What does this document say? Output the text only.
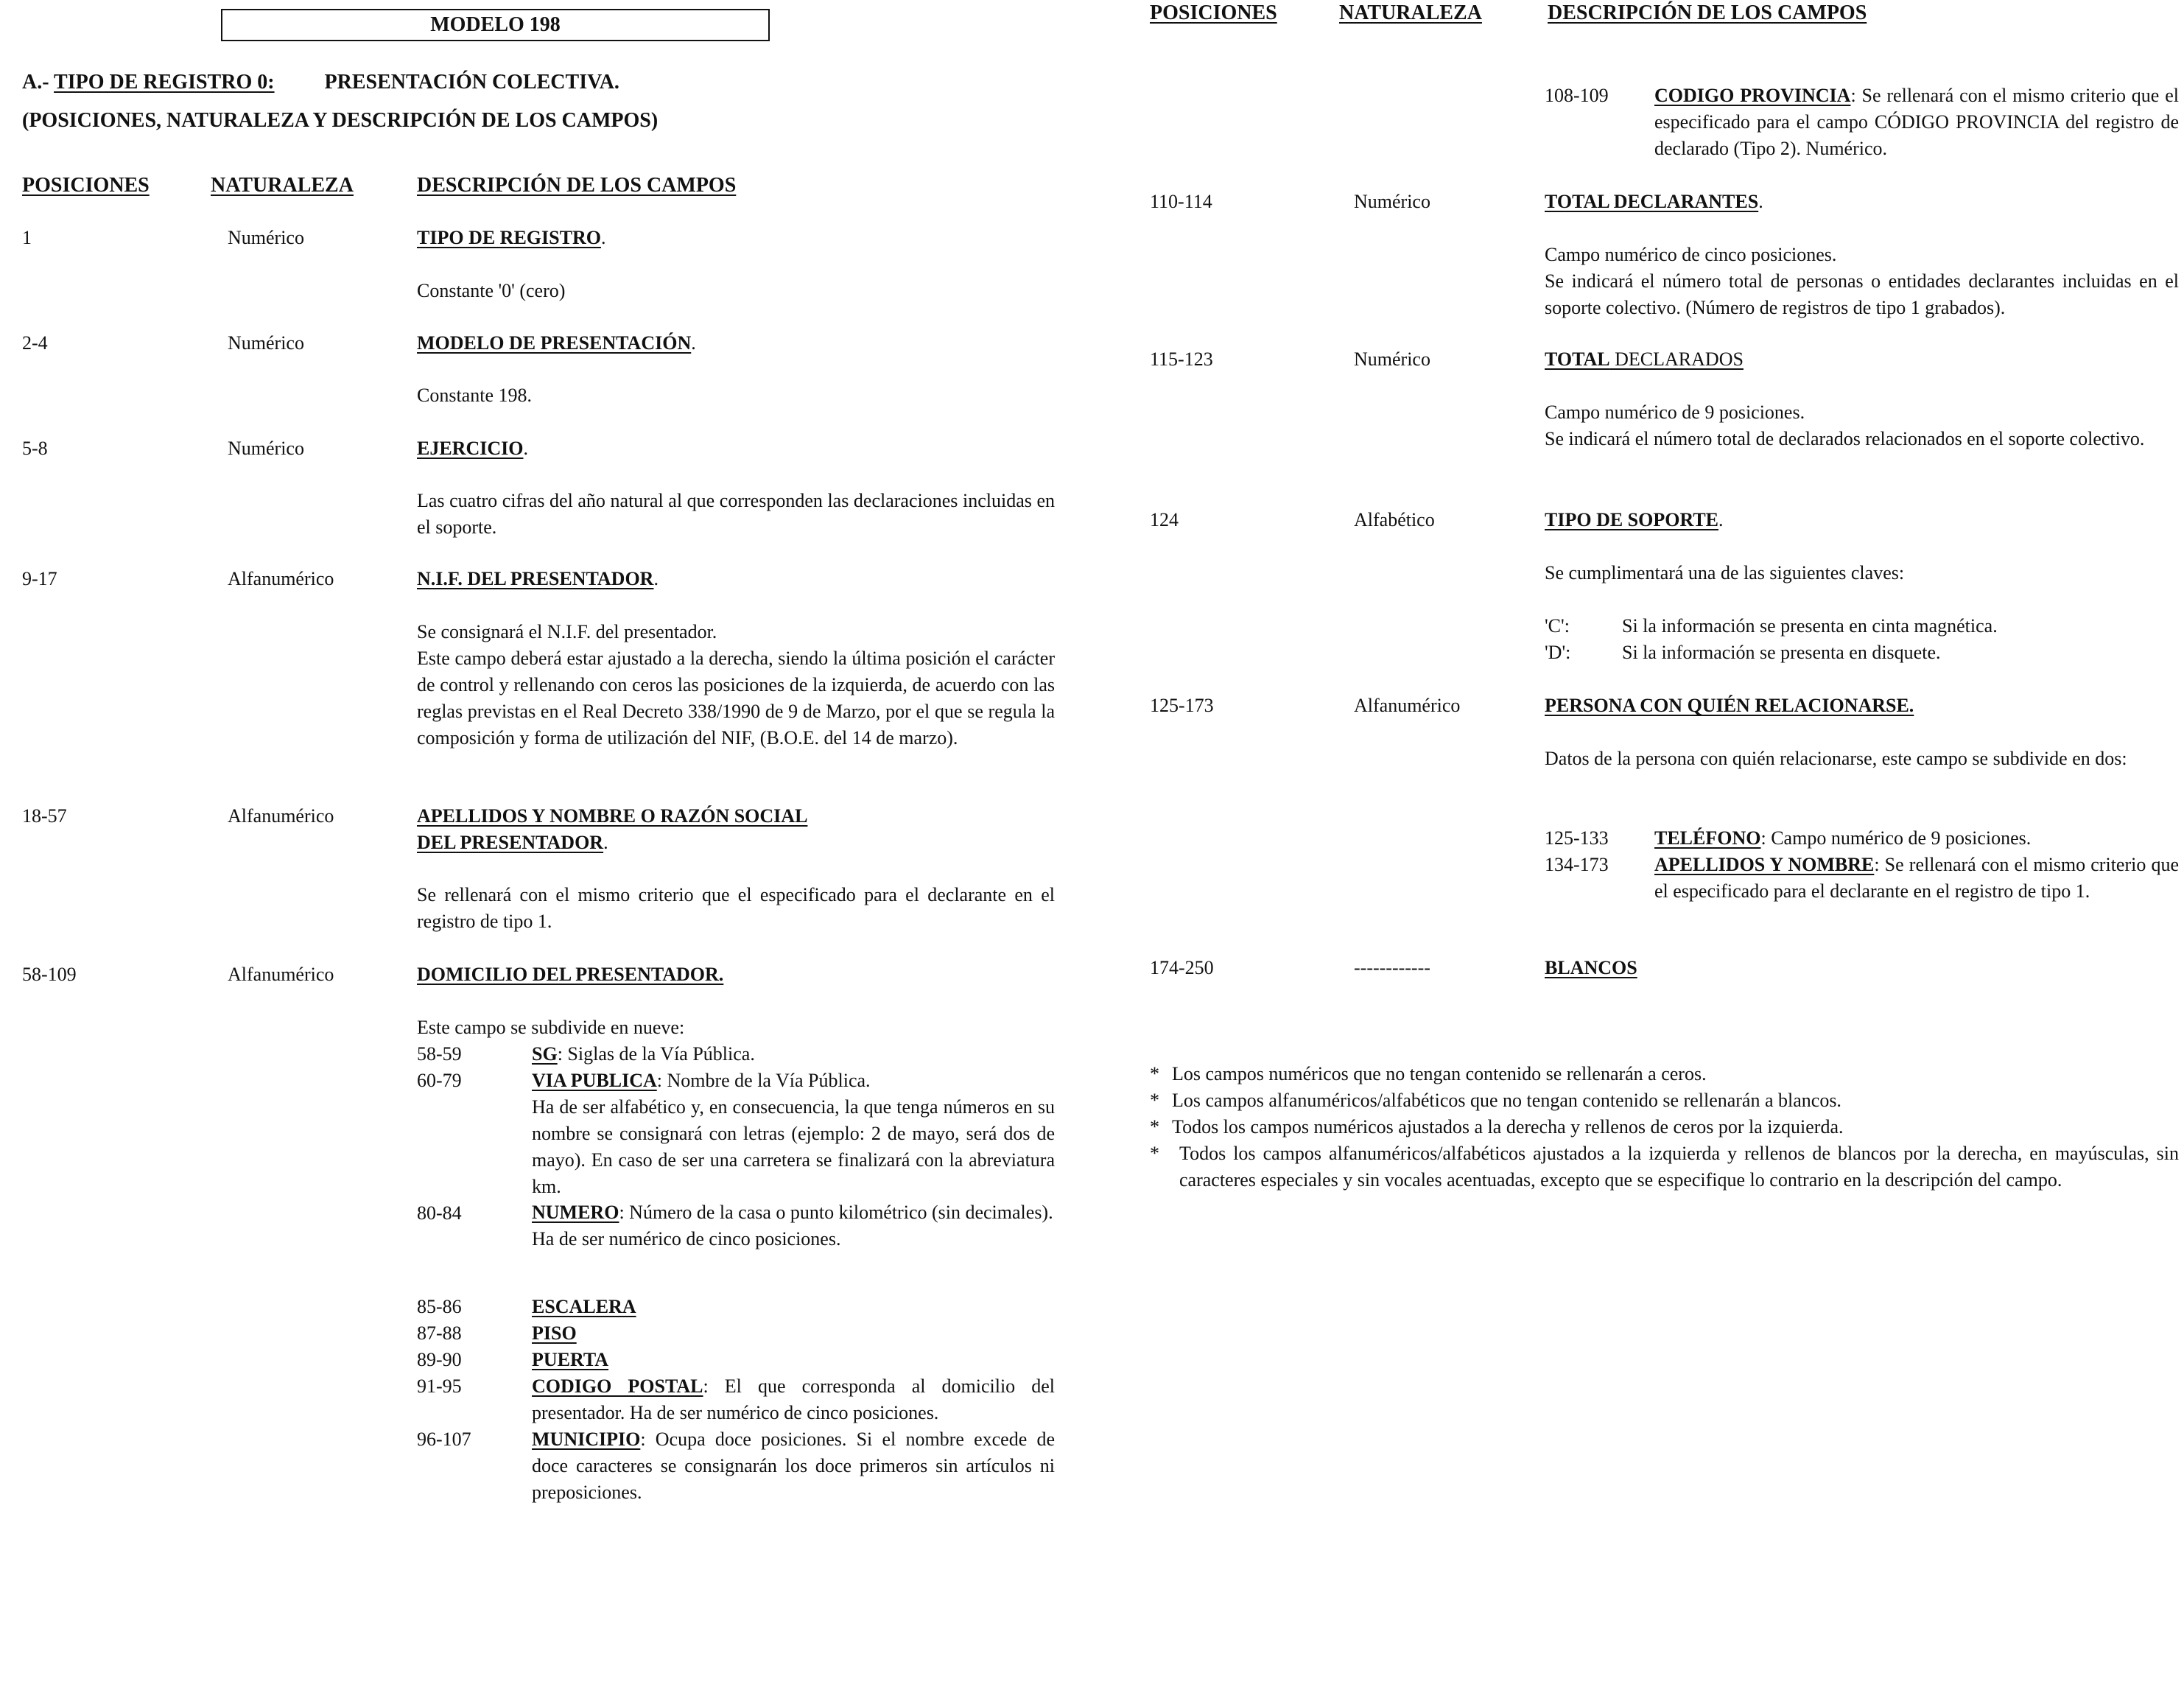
MODELO 198
A.- TIPO DE REGISTRO 0: PRESENTACIÓN COLECTIVA.
(POSICIONES, NATURALEZA Y DESCRIPCIÓN DE LOS CAMPOS)
POSICIONES	NATURALEZA	DESCRIPCIÓN DE LOS CAMPOS
1	Numérico	TIPO DE REGISTRO.
Constante '0' (cero)
2-4	Numérico	MODELO DE PRESENTACIÓN.
Constante 198.
5-8	Numérico	EJERCICIO.
Las cuatro cifras del año natural al que corresponden las declaraciones incluidas en el soporte.
9-17	Alfanumérico	N.I.F. DEL PRESENTADOR.
Se consignará el N.I.F. del presentador.
Este campo deberá estar ajustado a la derecha, siendo la última posición el carácter de control y rellenando con ceros las posiciones de la izquierda, de acuerdo con las reglas previstas en el Real Decreto 338/1990 de 9 de Marzo, por el que se regula la composición y forma de utilización del NIF, (B.O.E. del 14 de marzo).
18-57	Alfanumérico	APELLIDOS Y NOMBRE O RAZÓN SOCIAL
DEL PRESENTADOR.
Se rellenará con el mismo criterio que el especificado para el declarante en el registro de tipo 1.
58-109	Alfanumérico	DOMICILIO DEL PRESENTADOR.
Este campo se subdivide en nueve:
58-59	SG: Siglas de la Vía Pública.
60-79	VIA PUBLICA: Nombre de la Vía Pública.
Ha de ser alfabético y, en consecuencia, la que tenga números en su nombre se consignará con letras (ejemplo: 2 de mayo, será dos de mayo). En caso de ser una carretera se finalizará con la abreviatura km.
80-84	NUMERO: Número de la casa o punto kilométrico (sin decimales).
Ha de ser numérico de cinco posiciones.
85-86	ESCALERA
87-88	PISO
89-90	PUERTA
91-95	CODIGO POSTAL: El que corresponda al domicilio del presentador. Ha de ser numérico de cinco posiciones.
96-107	MUNICIPIO: Ocupa doce posiciones. Si el nombre excede de doce caracteres se consignarán los doce primeros sin artículos ni preposiciones.
POSICIONES	NATURALEZA	DESCRIPCIÓN DE LOS CAMPOS
108-109 CODIGO PROVINCIA: Se rellenará con el mismo criterio que el especificado para el campo CÓDIGO PROVINCIA del registro de declarado (Tipo 2). Numérico.
110-114	Numérico	TOTAL DECLARANTES.
Campo numérico de cinco posiciones.
Se indicará el número total de personas o entidades declarantes incluidas en el soporte colectivo. (Número de registros de tipo 1 grabados).
115-123	Numérico	TOTAL DECLARADOS
Campo numérico de 9 posiciones.
Se indicará el número total de declarados relacionados en el soporte colectivo.
124	Alfabético	TIPO DE SOPORTE.
Se cumplimentará una de las siguientes claves:
'C':	Si la información se presenta en cinta magnética.
'D':	Si la información se presenta en disquete.
125-173	Alfanumérico	PERSONA CON QUIÉN RELACIONARSE.
Datos de la persona con quién relacionarse, este campo se subdivide en dos:
125-133 TELÉFONO: Campo numérico de 9 posiciones.
134-173 APELLIDOS Y NOMBRE: Se rellenará con el mismo criterio que el especificado para el declarante en el registro de tipo 1.
174-250	------------	BLANCOS
* Los campos numéricos que no tengan contenido se rellenarán a ceros.
* Los campos alfanuméricos/alfabéticos que no tengan contenido se rellenarán a blancos.
* Todos los campos numéricos ajustados a la derecha y rellenos de ceros por la izquierda.
* Todos los campos alfanuméricos/alfabéticos ajustados a la izquierda y rellenos de blancos por la derecha, en mayúsculas, sin caracteres especiales y sin vocales acentuadas, excepto que se especifique lo contrario en la descripción del campo.
